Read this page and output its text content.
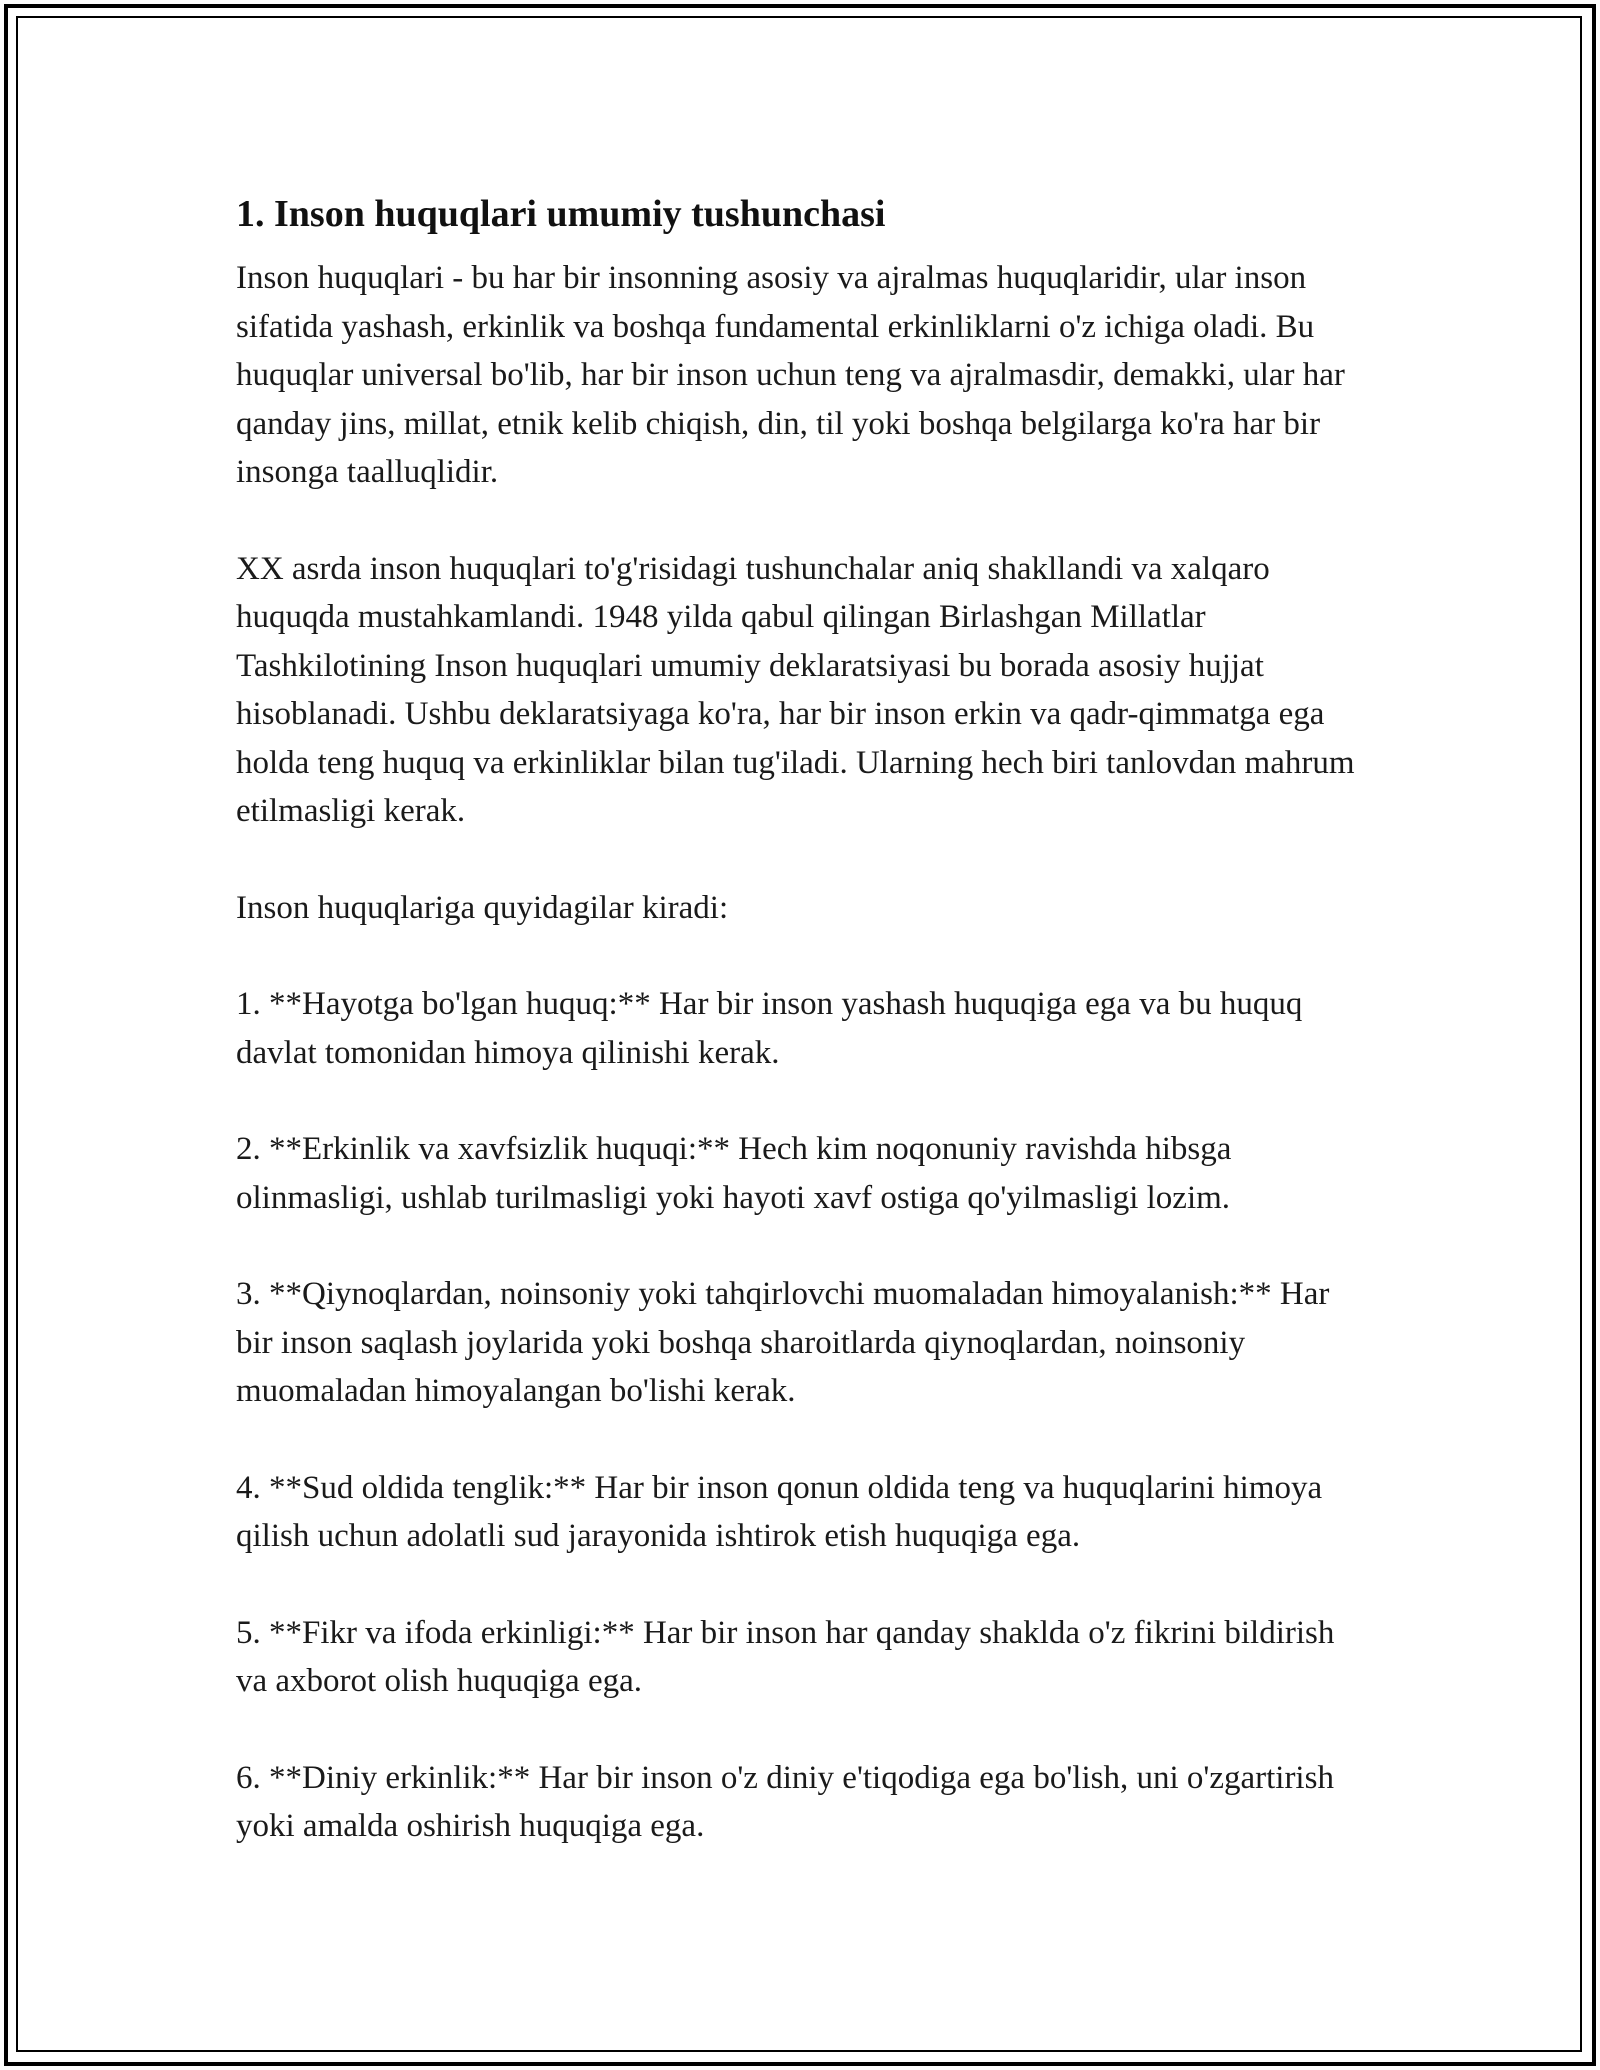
1. Inson huquqlari umumiy tushunchasi

Inson huquqlari - bu har bir insonning asosiy va ajralmas huquqlaridir, ular inson sifatida yashash, erkinlik va boshqa fundamental erkinliklarni o'z ichiga oladi. Bu huquqlar universal bo'lib, har bir inson uchun teng va ajralmasdir, demakki, ular har qanday jins, millat, etnik kelib chiqish, din, til yoki boshqa belgilarga ko'ra har bir insonga taalluqlidir.

XX asrda inson huquqlari to'g'risidagi tushunchalar aniq shakllandi va xalqaro huquqda mustahkamlandi. 1948 yilda qabul qilingan Birlashgan Millatlar Tashkilotining Inson huquqlari umumiy deklaratsiyasi bu borada asosiy hujjat hisoblanadi. Ushbu deklaratsiyaga ko'ra, har bir inson erkin va qadr-qimmatga ega holda teng huquq va erkinliklar bilan tug'iladi. Ularning hech biri tanlovdan mahrum etilmasligi kerak.

Inson huquqlariga quyidagilar kiradi:

1. **Hayotga bo'lgan huquq:** Har bir inson yashash huquqiga ega va bu huquq davlat tomonidan himoya qilinishi kerak.

2. **Erkinlik va xavfsizlik huquqi:** Hech kim noqonuniy ravishda hibsga olinmasligi, ushlab turilmasligi yoki hayoti xavf ostiga qo'yilmasligi lozim.

3. **Qiynoqlardan, noinsoniy yoki tahqirlovchi muomaladan himoyalanish:** Har bir inson saqlash joylarida yoki boshqa sharoitlarda qiynoqlardan, noinsoniy muomaladan himoyalangan bo'lishi kerak.

4. **Sud oldida tenglik:** Har bir inson qonun oldida teng va huquqlarini himoya qilish uchun adolatli sud jarayonida ishtirok etish huquqiga ega.

5. **Fikr va ifoda erkinligi:** Har bir inson har qanday shaklda o'z fikrini bildirish va axborot olish huquqiga ega.

6. **Diniy erkinlik:** Har bir inson o'z diniy e'tiqodiga ega bo'lish, uni o'zgartirish yoki amalda oshirish huquqiga ega.
